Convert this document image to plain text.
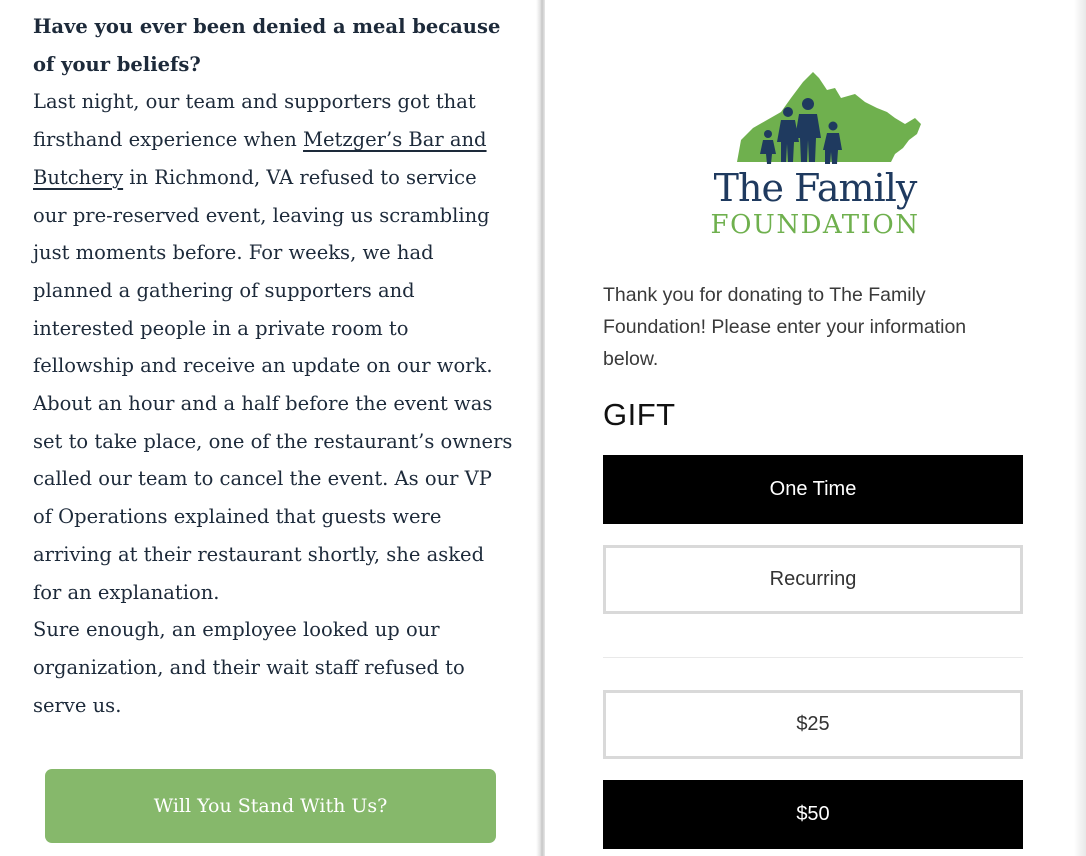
Have you ever been denied a meal because of your beliefs?

Last night, our team and supporters got that firsthand experience when Metzger’s Bar and Butchery in Richmond, VA refused to service our pre-reserved event, leaving us scrambling just moments before. For weeks, we had planned a gathering of supporters and interested people in a private room to fellowship and receive an update on our work. About an hour and a half before the event was set to take place, one of the restaurant’s owners called our team to cancel the event. As our VP of Operations explained that guests were arriving at their restaurant shortly, she asked for an explanation.

Sure enough, an employee looked up our organization, and their wait staff refused to serve us.

Will You Stand With Us?
The Family
FOUNDATION
Thank you for donating to The Family Foundation! Please enter your information below.
GIFT
One Time
Recurring
$25
$50
